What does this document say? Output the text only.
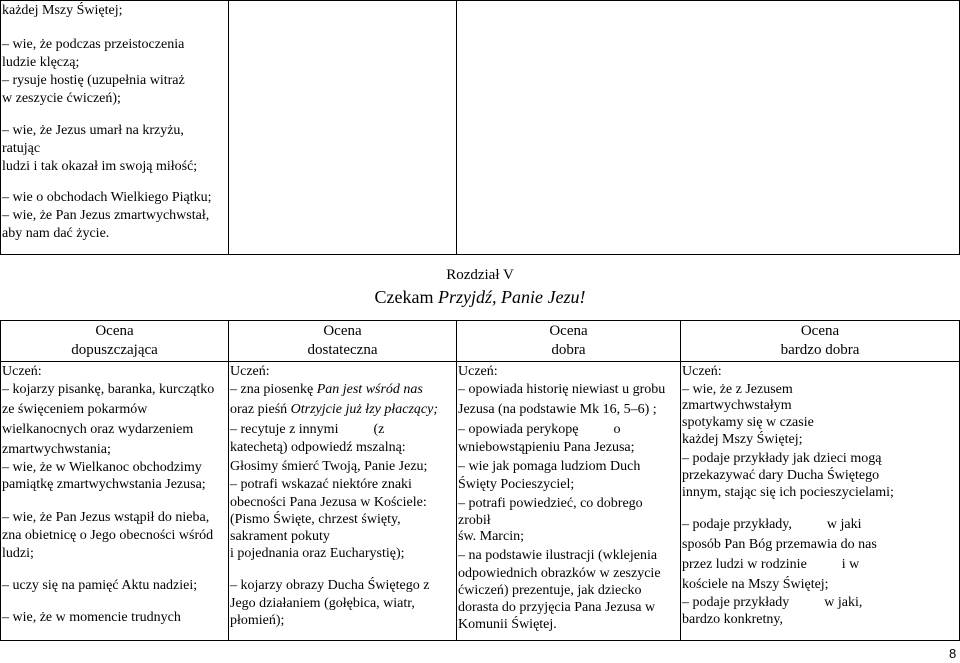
każdej Mszy Świętej;
– wie, że podczas przeistoczenia
ludzie klęczą;
– rysuje hostię (uzupełnia witraż
w zeszycie ćwiczeń);
– wie, że Jezus umarł na krzyżu,
ratując
ludzi i tak okazał im swoją miłość;
– wie o obchodach Wielkiego Piątku;
– wie, że Pan Jezus zmartwychwstał,
aby nam dać życie.
Rozdział V
Czekam Przyjdź, Panie Jezu!
Ocena
dopuszczająca
Ocena
dostateczna
Ocena
dobra
Ocena
bardzo dobra
Uczeń:
– kojarzy pisankę, baranka, kurczątko
ze święceniem pokarmów
wielkanocnych oraz wydarzeniem
zmartwychwstania;
– wie, że w Wielkanoc obchodzimy
pamiątkę zmartwychwstania Jezusa;
– wie, że Pan Jezus wstąpił do nieba,
zna obietnicę o Jego obecności wśród
ludzi;
– uczy się na pamięć Aktu nadziei;
– wie, że w momencie trudnych
Uczeń:
– zna piosenkę Pan jest wśród nas
oraz pieśń Otrzyjcie już łzy płaczący;
– recytuje z innymi          (z
katechetą) odpowiedź mszalną:
Głosimy śmierć Twoją, Panie Jezu;
– potrafi wskazać niektóre znaki
obecności Pana Jezusa w Kościele:
(Pismo Święte, chrzest święty,
sakrament pokuty
i pojednania oraz Eucharystię);
– kojarzy obrazy Ducha Świętego z
Jego działaniem (gołębica, wiatr,
płomień);
Uczeń:
– opowiada historię niewiast u grobu
Jezusa (na podstawie Mk 16, 5–6) ;
– opowiada perykopę          o
wniebowstąpieniu Pana Jezusa;
– wie jak pomaga ludziom Duch
Święty Pocieszyciel;
– potrafi powiedzieć, co dobrego
zrobił
św. Marcin;
– na podstawie ilustracji (wklejenia
odpowiednich obrazków w zeszycie
ćwiczeń) prezentuje, jak dziecko
dorasta do przyjęcia Pana Jezusa w
Komunii Świętej.
Uczeń:
– wie, że z Jezusem
zmartwychwstałym
spotykamy się w czasie
każdej Mszy Świętej;
– podaje przykłady jak dzieci mogą
przekazywać dary Ducha Świętego
innym, stając się ich pocieszycielami;
– podaje przykłady,          w jaki
sposób Pan Bóg przemawia do nas
przez ludzi w rodzinie          i w
kościele na Mszy Świętej;
– podaje przykłady          w jaki,
bardzo konkretny,
8
